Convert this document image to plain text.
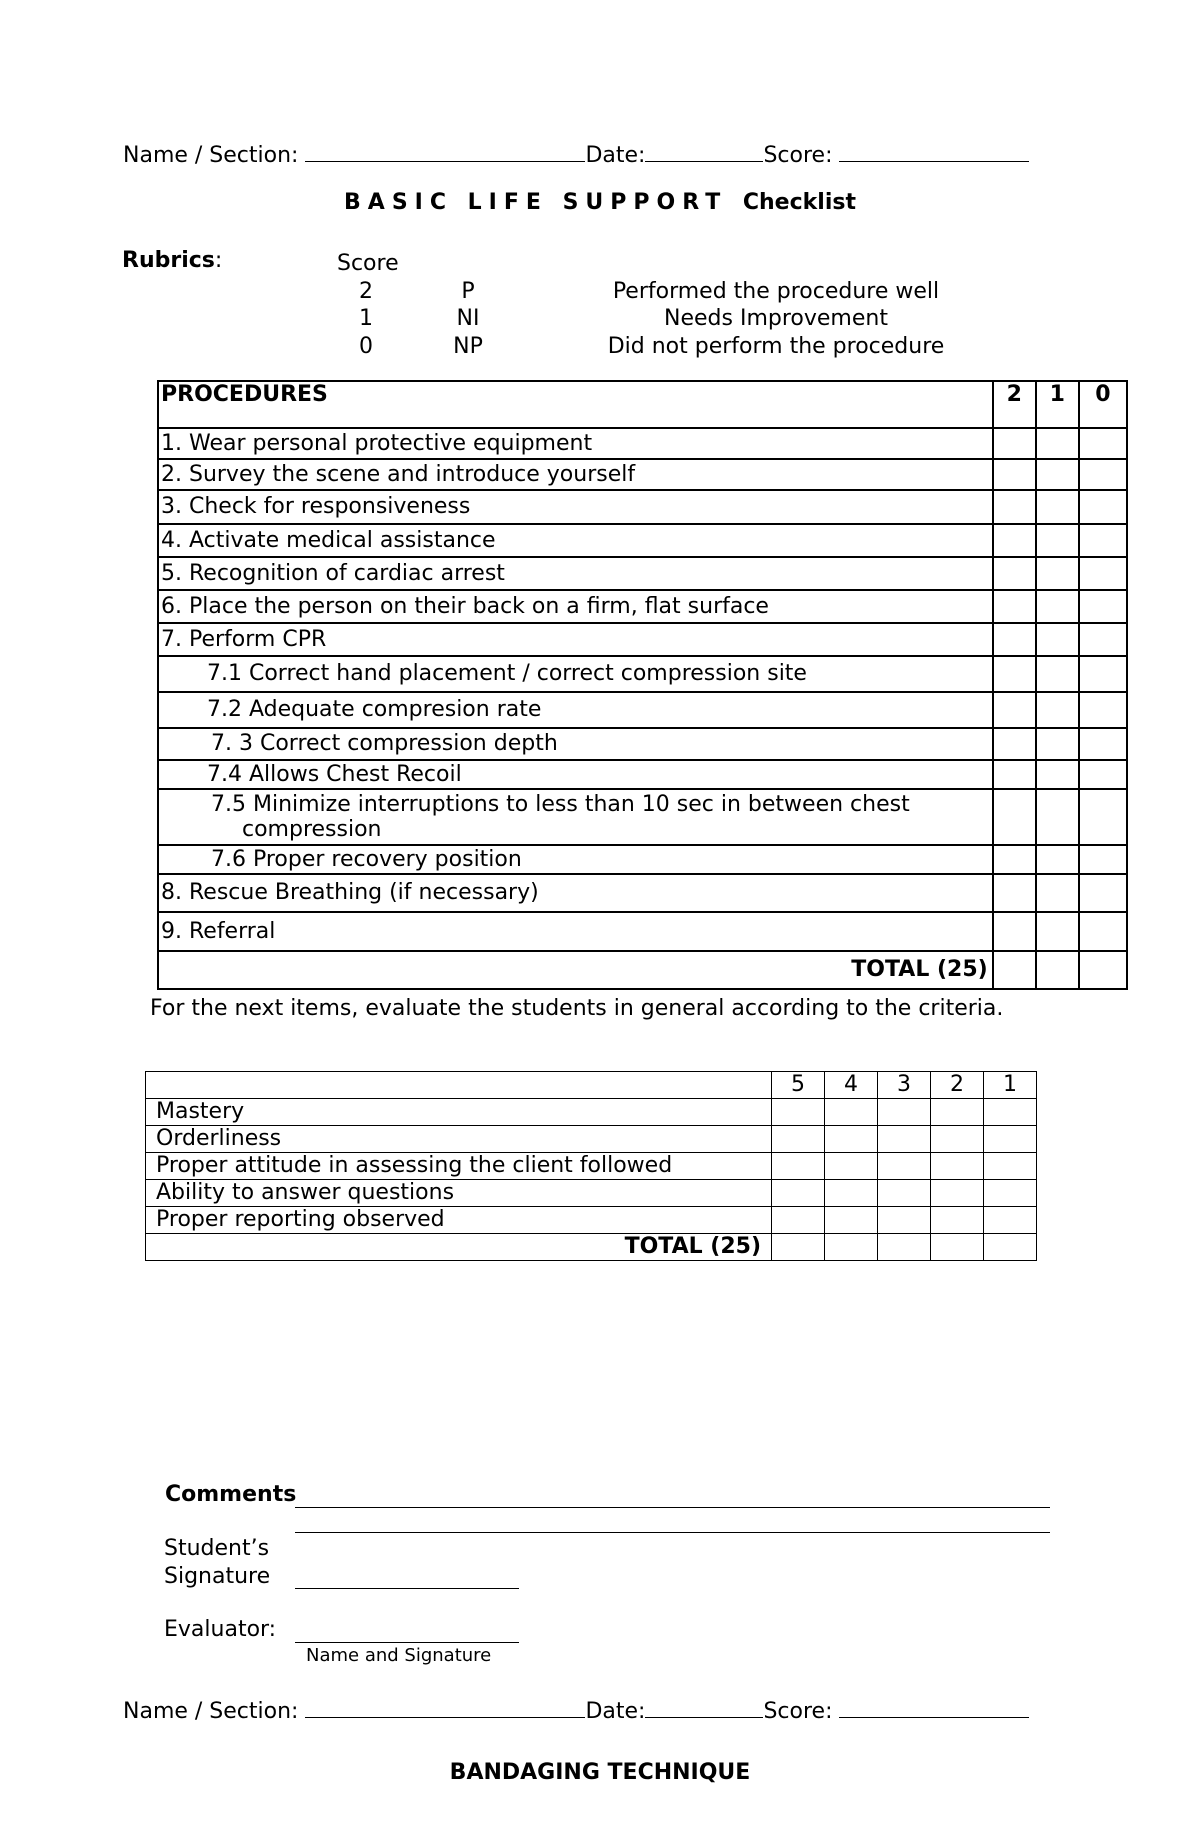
Name / Section:	Date:	Score:
BASIC LIFE SUPPORT Checklist
Rubrics:	Score
2	P	Performed the procedure well
1	NI	Needs Improvement
0	NP	Did not perform the procedure
PROCEDURES	2	1	0
1. Wear personal protective equipment			
2. Survey the scene and introduce yourself			
3. Check for responsiveness			
4. Activate medical assistance			
5. Recognition of cardiac arrest			
6. Place the person on their back on a firm, flat surface			
7. Perform CPR			
7.1 Correct hand placement / correct compression site			
7.2 Adequate compresion rate			
7. 3 Correct compression depth			
7.4 Allows Chest Recoil			

7.5 Minimize interruptions to less than 10 sec in between chest
compression			

7.6 Proper recovery position			
8. Rescue Breathing (if necessary)			
9. Referral			
TOTAL (25)			
For the next items, evaluate the students in general according to the criteria.
	5	4	3	2	1
Mastery					
Orderliness					
Proper attitude in assessing the client followed					
Ability to answer questions					
Proper reporting observed					
TOTAL (25)					
Comments
Student’s
Signature
Evaluator:
Name and Signature
Name / Section:	Date:	Score:
BANDAGING TECHNIQUE
